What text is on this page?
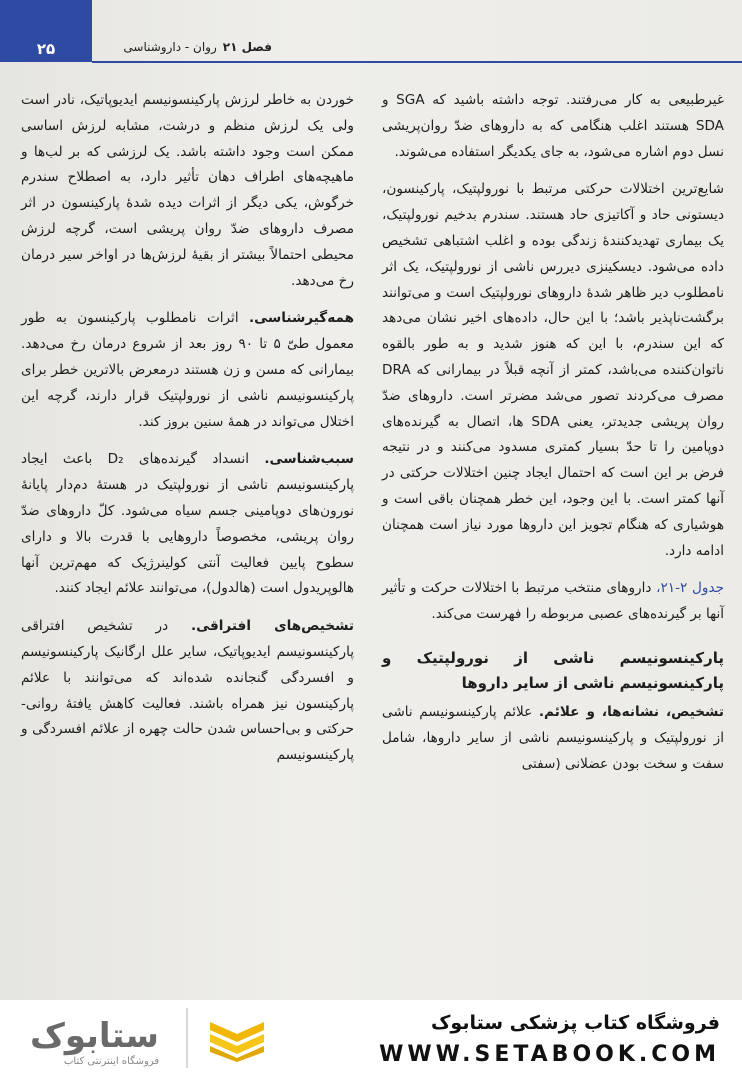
۲۵	فصل ۲۱روان - داروشناسی

غیرطبیعی به کار می‌رفتند. توجه داشته باشید که SGA و SDA هستند اغلب هنگامی که به داروهای ضدّ روان‌پریشی نسل دوم اشاره می‌شود، به جای یکدیگر استفاده می‌شوند.

شایع‌ترین اختلالات حرکتی مرتبط با نورولپتیک، پارکینسون، دیستونی حاد و آکاتیزی حاد هستند. سندرم بدخیم نورولپتیک، یک بیماری تهدیدکنندهٔ زندگی بوده و اغلب اشتباهی تشخیص داده می‌شود. دیسکینزی دیررس ناشی از نورولپتیک، یک اثر نامطلوب دیر ظاهر شدهٔ داروهای نورولپتیک است و می‌توانند برگشت‌ناپذیر باشد؛ با این حال، داده‌های اخیر نشان می‌دهد که این سندرم، با این که هنوز شدید و به طور بالقوه ناتوان‌کننده می‌باشد، کمتر از آنچه قبلاً در بیمارانی که DRA مصرف می‌کردند تصور می‌شد مضرتر است. داروهای ضدّ روان پریشی جدیدتر، یعنی SDA ها، اتصال به گیرنده‌های دوپامین را تا حدّ بسیار کمتری مسدود می‌کنند و در نتیجه فرض بر این است که احتمال ایجاد چنین اختلالات حرکتی در آنها کمتر است. با این وجود، این خطر همچنان باقی است و هوشیاری که هنگام تجویز این داروها مورد نیاز است همچنان ادامه دارد.

جدول ۲-۲۱، داروهای منتخب مرتبط با اختلالات حرکت و تأثیر آنها بر گیرنده‌های عصبی مربوطه را فهرست می‌کند.

پارکینسونیسم ناشی از نورولپتیک و پارکینسونیسم ناشی از سایر داروها

تشخیص، نشانه‌ها، و علائم. علائم پارکینسونیسم ناشی از نورولپتیک و پارکینسونیسم ناشی از سایر داروها، شامل سفت و سخت بودن عضلانی (سفتی

خوردن به خاطر لرزش پارکینسونیسم ایدیوپاتیک، نادر است ولی یک لرزش منظم و درشت، مشابه لرزش اساسی ممکن است وجود داشته باشد. یک لرزشی که بر لب‌ها و ماهیچه‌های اطراف دهان تأثیر دارد، به اصطلاح سندرم خرگوش، یکی دیگر از اثرات دیده شدهٔ پارکینسون در اثر مصرف داروهای ضدّ روان پریشی است، گرچه لرزش محیطی احتمالاً بیشتر از بقیهٔ لرزش‌ها در اواخر سیر درمان رخ می‌دهد.

همه‌گیرشناسی. اثرات نامطلوب پارکینسون به طور معمول طیّ ۵ تا ۹۰ روز بعد از شروع درمان رخ می‌دهد. بیمارانی که مسن و زن هستند درمعرض بالاترین خطر برای پارکینسونیسم ناشی از نورولپتیک قرار دارند، گرچه این اختلال می‌تواند در همهٔ سنین بروز کند.

سبب‌شناسی. انسداد گیرنده‌های D₂ باعث ایجاد پارکینسونیسم ناشی از نورولپتیک در هستهٔ دم‌دار پایانهٔ نورون‌های دوپامینی جسم سیاه می‌شود. کلّ داروهای ضدّ روان پریشی، مخصوصاً داروهایی با قدرت بالا و دارای سطوح پایین فعالیت آنتی کولینرژیک که مهم‌ترین آنها هالوپریدول است (هالدول)، می‌توانند علائم ایجاد کنند.

تشخیص‌های افتراقی. در تشخیص افتراقی پارکینسونیسم ایدیوپاتیک، سایر علل ارگانیک پارکینسونیسم و افسردگی گنجانده شده‌اند که می‌توانند با علائم پارکینسون نیز همراه باشند. فعالیت کاهش یافتهٔ روانی- حرکتی و بی‌احساس شدن حالت چهره از علائم افسردگی و پارکینسونیسم

ستابوک
فروشگاه اینترنتی کتاب
فروشگاه کتاب پزشکی ستابوک
WWW.SETABOOK.COM
